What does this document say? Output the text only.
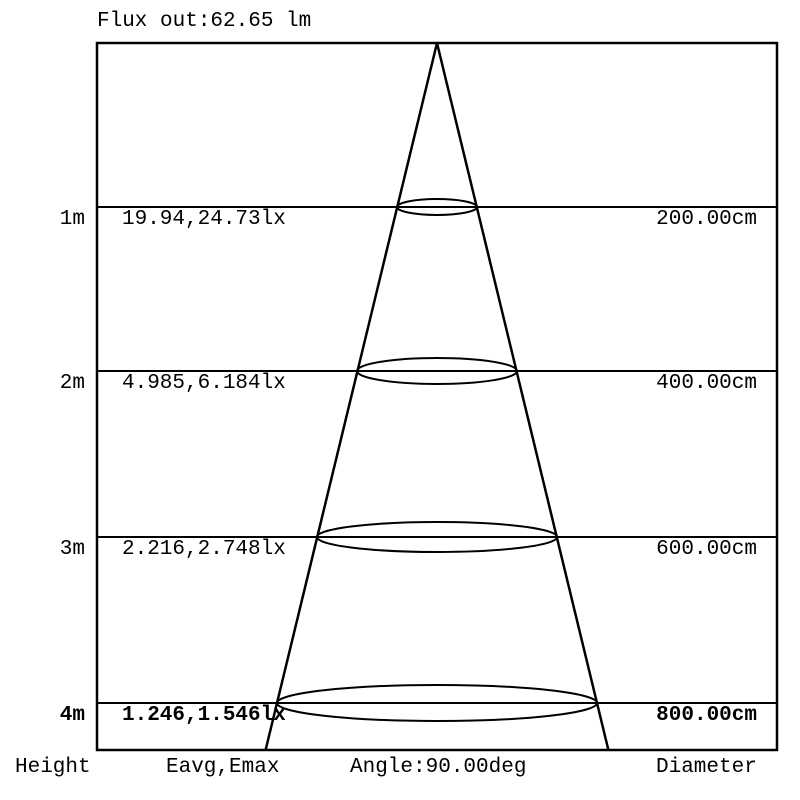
Flux out:62.65 lm
1m 19.94,24.73lx	200.00cm
2m 4.985,6.184lx	400.00cm
3m 2.216,2.748lx	600.00cm
4m 1.246,1.546lx	800.00cm
Height	Eavg,Emax	Angle:90.00deg	Diameter
